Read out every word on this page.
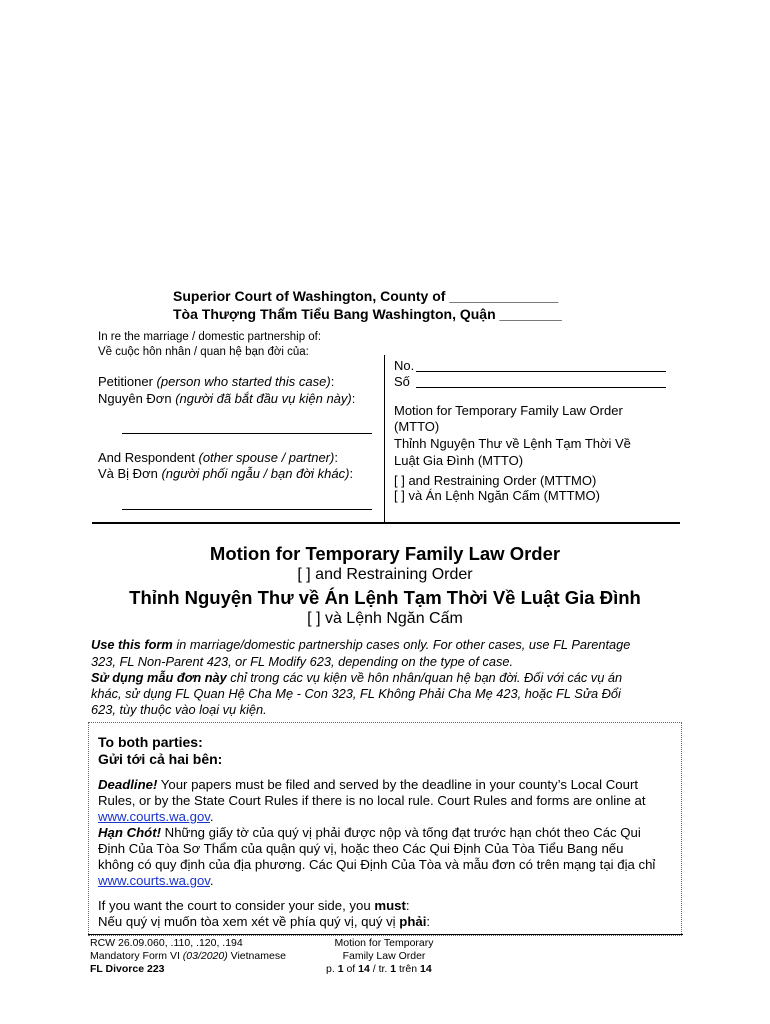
Superior Court of Washington, County of ______________
Tòa Thượng Thẩm Tiểu Bang Washington, Quận ________
In re the marriage / domestic partnership of:
Về cuộc hôn nhân / quan hệ bạn đời của:
Petitioner (person who started this case):
Nguyên Đơn (người đã bắt đầu vụ kiện này):
And Respondent (other spouse / partner):
Và Bị Đơn (người phối ngẫu / bạn đời khác):
No.
Số
Motion for Temporary Family Law Order
(MTTO)
Thỉnh Nguyện Thư về Lệnh Tạm Thời Về
Luật Gia Đình (MTTO)
[ ] and Restraining Order (MTTMO)
[ ] và Án Lệnh Ngăn Cấm (MTTMO)
Motion for Temporary Family Law Order
[ ] and Restraining Order
Thỉnh Nguyện Thư về Án Lệnh Tạm Thời Về Luật Gia Đình
[ ] và Lệnh Ngăn Cấm
Use this form in marriage/domestic partnership cases only. For other cases, use FL Parentage
323, FL Non-Parent 423, or FL Modify 623, depending on the type of case.
Sử dụng mẫu đơn này chỉ trong các vụ kiện về hôn nhân/quan hệ bạn đời. Đối với các vụ án
khác, sử dụng FL Quan Hệ Cha Mẹ - Con 323, FL Không Phải Cha Mẹ 423, hoặc FL Sửa Đổi
623, tùy thuộc vào loại vụ kiện.

To both parties:

Gửi tới cả hai bên:

Deadline! Your papers must be filed and served by the deadline in your county’s Local Court

Rules, or by the State Court Rules if there is no local rule. Court Rules and forms are online at

www.courts.wa.gov.

Hạn Chót! Những giấy tờ của quý vị phải được nộp và tống đạt trước hạn chót theo Các Qui

Định Của Tòa Sơ Thẩm của quận quý vị, hoặc theo Các Qui Định Của Tòa Tiểu Bang nếu

không có quy định của địa phương. Các Qui Định Của Tòa và mẫu đơn có trên mạng tại địa chỉ

www.courts.wa.gov.

If you want the court to consider your side, you must:

Nếu quý vị muốn tòa xem xét về phía quý vị, quý vị phải:

RCW 26.09.060, .110, .120, .194
Mandatory Form VI (03/2020) Vietnamese
FL Divorce 223
Motion for Temporary
Family Law Order
p. 1 of 14 / tr. 1 trên 14
